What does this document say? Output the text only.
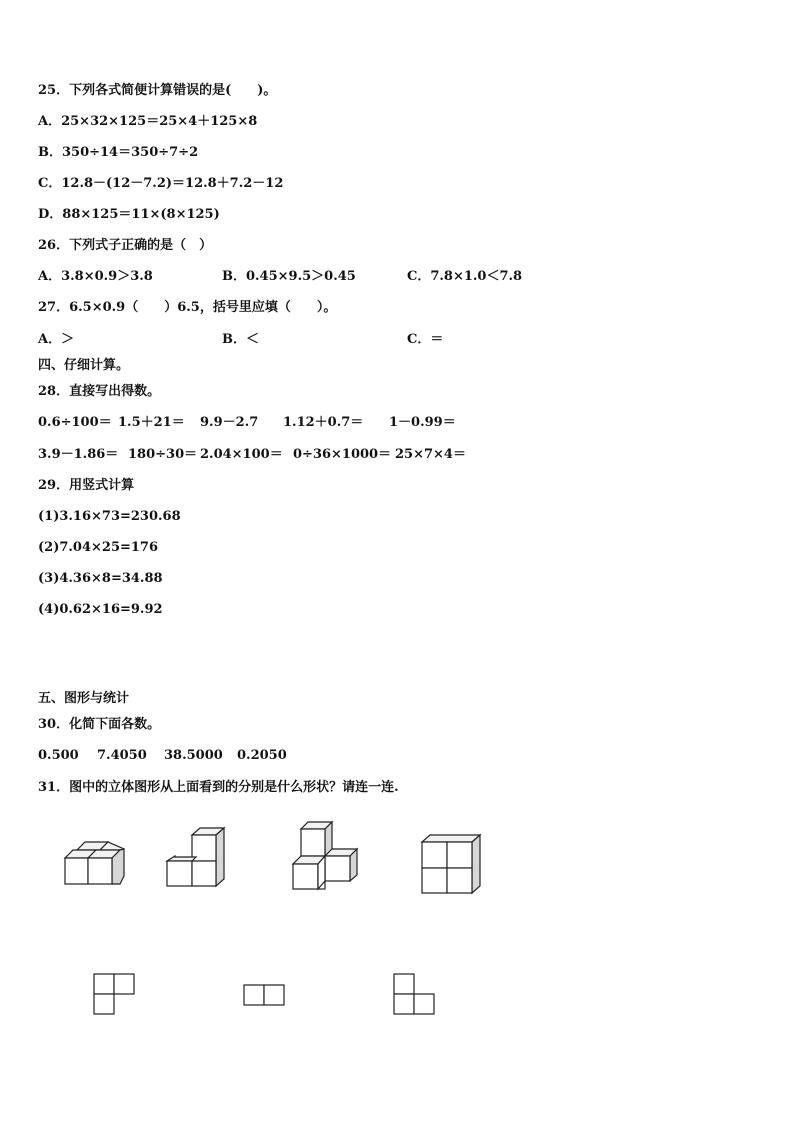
25．下列各式简便计算错误的是(　　)。
A．25×32×125＝25×4＋125×8
B．350÷14＝350÷7÷2
C．12.8－(12－7.2)＝12.8＋7.2－12
D．88×125＝11×(8×125)
26．下列式子正确的是（　）
A．3.8×0.9＞3.8	B．0.45×9.5＞0.45	C．7.8×1.0＜7.8
27．6.5×0.9（　　）6.5，括号里应填（　　）。
A．＞	B．＜	C．＝
四、仔细计算。
28．直接写出得数。
0.6÷100＝ 1.5＋21＝ 9.9－2.7 1.12＋0.7＝ 1－0.99＝
3.9－1.86＝ 180÷30＝ 2.04×100＝ 0÷36×1000＝ 25×7×4＝
29．用竖式计算
(1)3.16×73=230.68
(2)7.04×25=176
(3)4.36×8=34.88
(4)0.62×16=9.92
五、图形与统计
30．化简下面各数。
0.500 7.4050 38.5000 0.2050
31．图中的立体图形从上面看到的分别是什么形状？请连一连.
